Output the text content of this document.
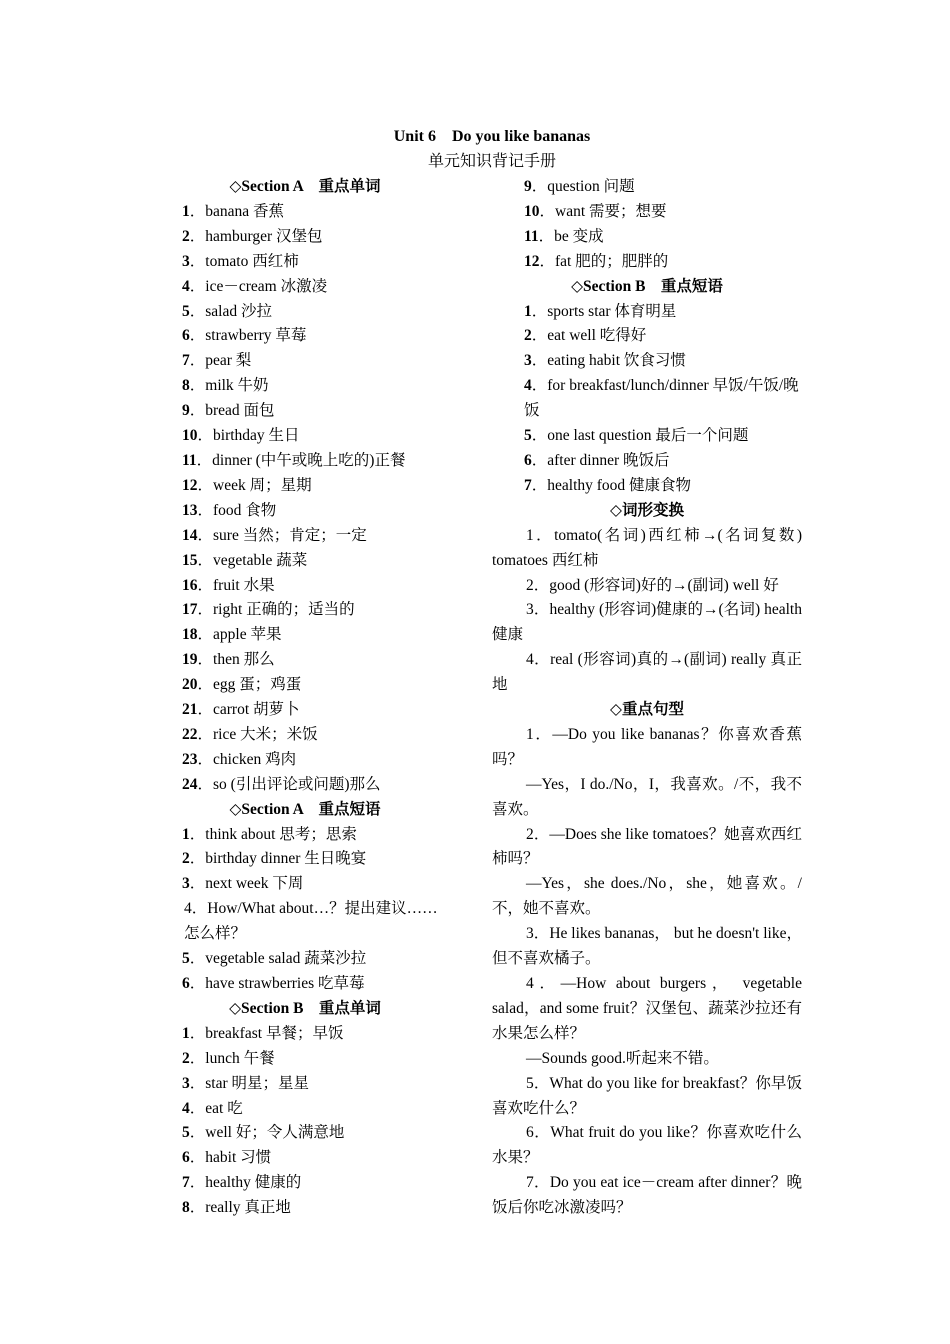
Unit 6    Do you like bananas
单元知识背记手册

◇Section A    重点单词

1．banana 香蕉

2．hamburger 汉堡包

3．tomato 西红柿

4．ice－cream 冰激凌

5．salad 沙拉

6．strawberry 草莓

7．pear 梨

8．milk 牛奶

9．bread 面包

10．birthday 生日

11．dinner (中午或晚上吃的)正餐

12．week 周；星期

13．food 食物

14．sure 当然；肯定；一定

15．vegetable 蔬菜

16．fruit 水果

17．right 正确的；适当的

18．apple 苹果

19．then 那么

20．egg 蛋；鸡蛋

21．carrot 胡萝卜

22．rice 大米；米饭

23．chicken 鸡肉

24．so (引出评论或问题)那么

◇Section A    重点短语

1．think about 思考；思索

2．birthday dinner 生日晚宴

3．next week 下周

4．How/What about…？提出建议……

怎么样？

5．vegetable salad 蔬菜沙拉

6．have strawberries 吃草莓

◇Section B    重点单词

1．breakfast 早餐；早饭

2．lunch 午餐

3．star 明星；星星

4．eat 吃

5．well 好；令人满意地

6．habit 习惯

7．healthy 健康的

8．really 真正地

9．question 问题

10．want 需要；想要

11．be 变成

12．fat 肥的；肥胖的

◇Section B    重点短语

1．sports star 体育明星

2．eat well 吃得好

3．eating habit 饮食习惯

4．for breakfast/lunch/dinner 早饭/午饭/晚饭

5．one last question 最后一个问题

6．after dinner 晚饭后

7．healthy food 健康食物

◇词形变换

1．tomato(名词)西红柿→(名词复数) tomatoes 西红柿

2．good (形容词)好的→(副词) well 好

3．healthy (形容词)健康的→(名词) health 健康

4．real (形容词)真的→(副词) really 真正地

◇重点句型

1．—Do you like bananas？你喜欢香蕉吗？

—Yes，I do./No，I，我喜欢。/不，我不喜欢。

2．—Does she like tomatoes？她喜欢西红柿吗？

—Yes，she does./No，she，她喜欢。/不，她不喜欢。

3．He likes bananas， but he doesn't like，但不喜欢橘子。

4．—How about burgers， vegetable salad，and some fruit？汉堡包、蔬菜沙拉还有水果怎么样？

—Sounds good.听起来不错。

5．What do you like for breakfast？你早饭喜欢吃什么？

6．What fruit do you like？你喜欢吃什么水果？

7．Do you eat ice－cream after dinner？晚饭后你吃冰激凌吗？
